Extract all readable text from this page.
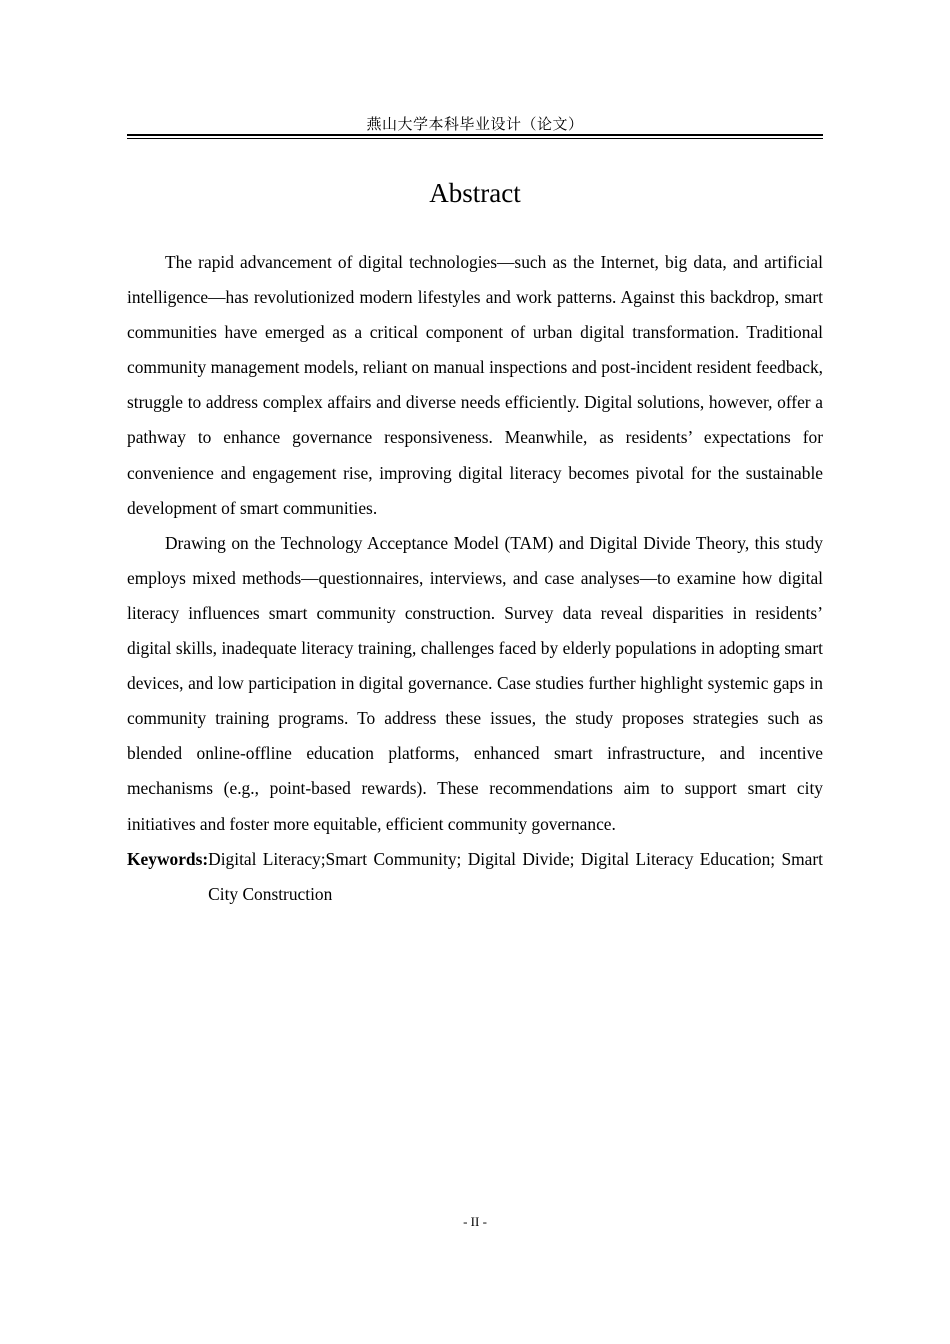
燕山大学本科毕业设计（论文）
Abstract

The rapid advancement of digital technologies—such as the Internet, big data, and artificial intelligence—has revolutionized modern lifestyles and work patterns. Against this backdrop, smart communities have emerged as a critical component of urban digital transformation. Traditional community management models, reliant on manual inspections and post-incident resident feedback, struggle to address complex affairs and diverse needs efficiently. Digital solutions, however, offer a pathway to enhance governance responsiveness. Meanwhile, as residents’ expectations for convenience and engagement rise, improving digital literacy becomes pivotal for the sustainable development of smart communities.

Drawing on the Technology Acceptance Model (TAM) and Digital Divide Theory, this study employs mixed methods—questionnaires, interviews, and case analyses—to examine how digital literacy influences smart community construction. Survey data reveal disparities in residents’ digital skills, inadequate literacy training, challenges faced by elderly populations in adopting smart devices, and low participation in digital governance. Case studies further highlight systemic gaps in community training programs. To address these issues, the study proposes strategies such as blended online-offline education platforms, enhanced smart infrastructure, and incentive mechanisms (e.g., point-based rewards). These recommendations aim to support smart city initiatives and foster more equitable, efficient community governance.

Keywords: Digital Literacy;Smart Community; Digital Divide; Digital Literacy Education; Smart City Construction
- II -
